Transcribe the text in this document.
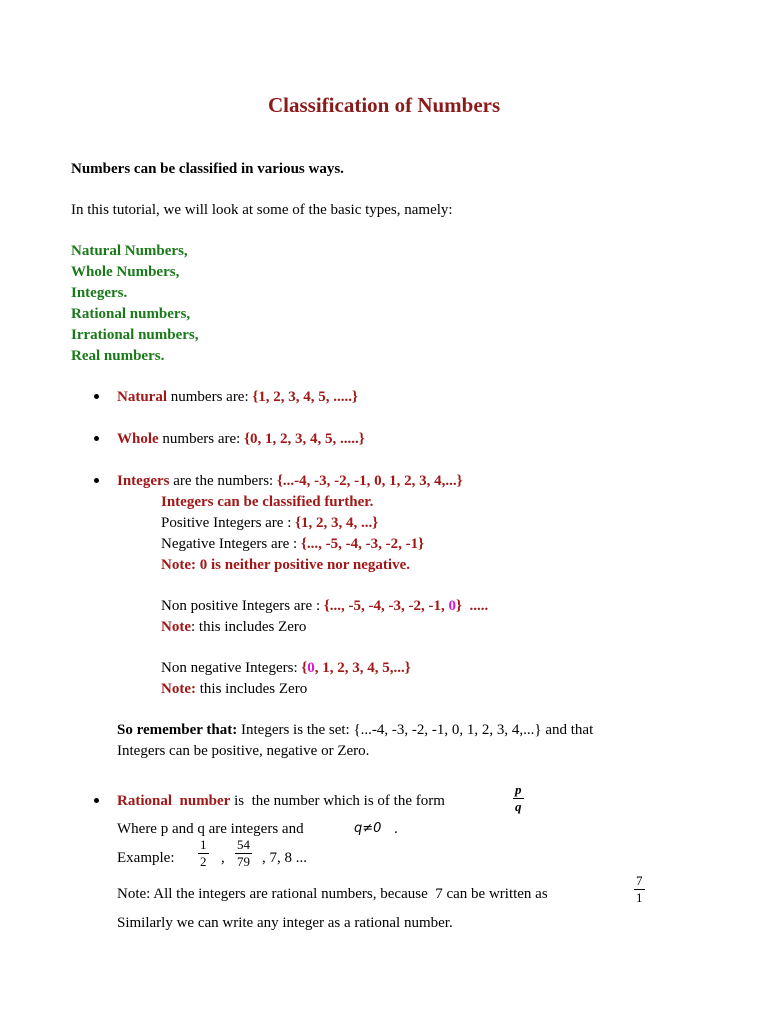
Classification of Numbers
Numbers can be classified in various ways.
In this tutorial, we will look at some of the basic types, namely:
Natural Numbers,
Whole Numbers,
Integers.
Rational numbers,
Irrational numbers,
Real numbers.
Natural numbers are: {1, 2, 3, 4, 5, .....}
Whole numbers are: {0, 1, 2, 3, 4, 5, .....}
Integers are the numbers: {...-4, -3, -2, -1, 0, 1, 2, 3, 4,...}
Integers can be classified further.
Positive Integers are : {1, 2, 3, 4, ...}
Negative Integers are : {..., -5, -4, -3, -2, -1}
Note: 0 is neither positive nor negative.
Non positive Integers are : {..., -5, -4, -3, -2, -1, 0}  .....
Note: this includes Zero
Non negative Integers: {0, 1, 2, 3, 4, 5,...}
Note: this includes Zero
So remember that: Integers is the set: {...-4, -3, -2, -1, 0, 1, 2, 3, 4,...} and that
Integers can be positive, negative or Zero.
Rational  number is  the number which is of the form	$\frac{p}{q}$
Where p and q are integers and	q≠0 .
Example: $\frac{1}{2}$ , $\frac{54}{79}$ , 7, 8 ...
Note: All the integers are rational numbers, because  7 can be written as	$\frac{7}{1}$
Similarly we can write any integer as a rational number.
